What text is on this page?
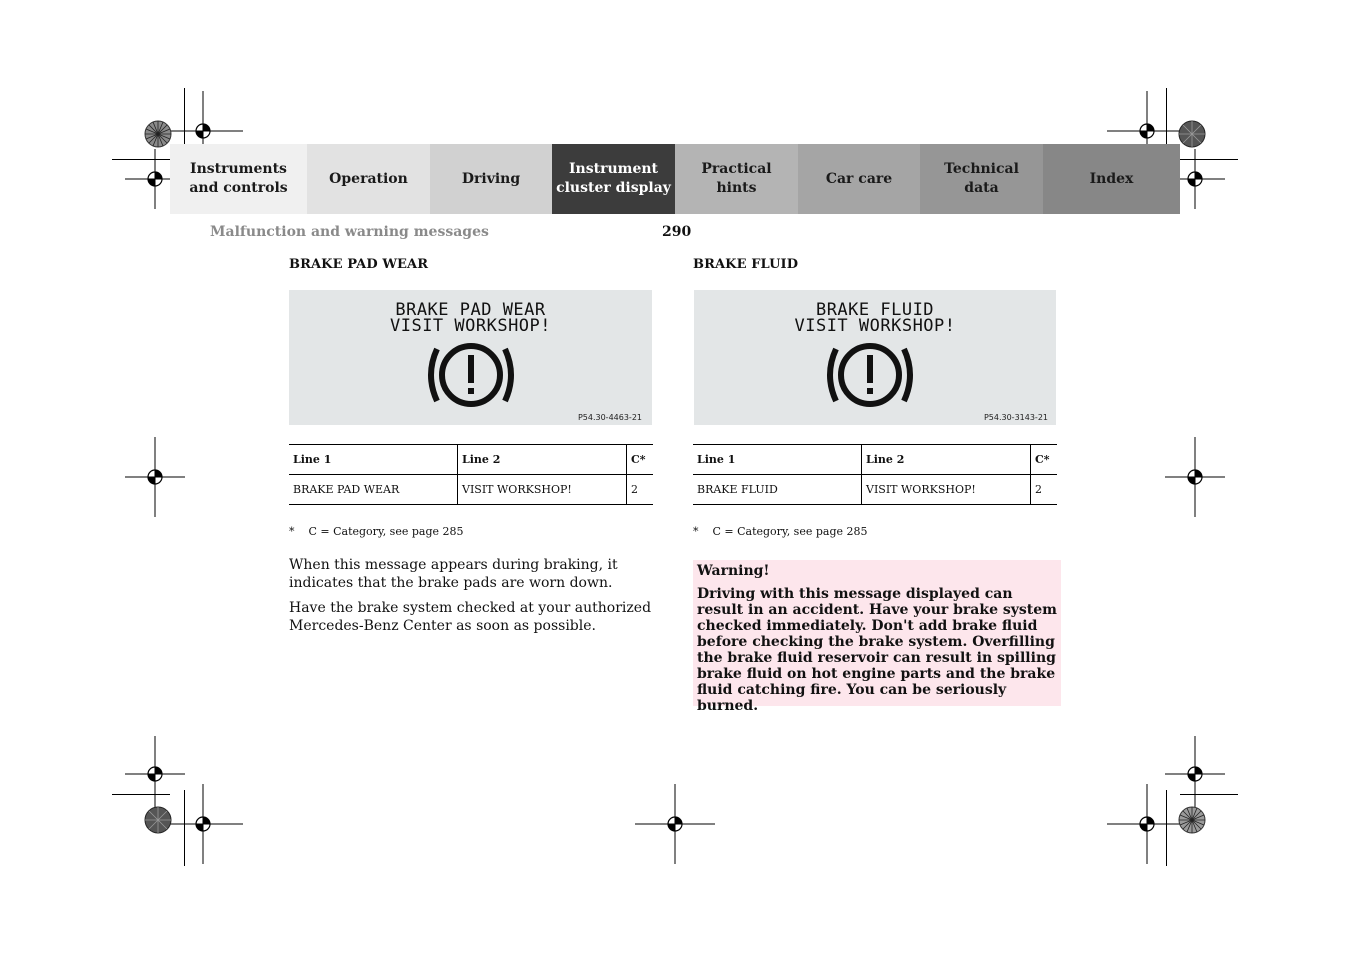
Instruments
and controls
Operation	Driving
Instrument
cluster display
Practical hints
Car care
Technical
data
Index
Malfunction and warning messages	290
BRAKE PAD WEAR
BRAKE PAD WEAR
VISIT WORKSHOP!
P54.30-4463-21
Line 1	Line 2	C*
BRAKE PAD WEAR	VISIT WORKSHOP!	2
*    C = Category, see page 285

When this message appears during braking, it indicates that the brake pads are worn down.

Have the brake system checked at your authorized Mercedes-Benz Center as soon as possible.

BRAKE FLUID
BRAKE FLUID
VISIT WORKSHOP!
P54.30-3143-21
Line 1	Line 2	C*
BRAKE FLUID	VISIT WORKSHOP!	2
*    C = Category, see page 285
Warning!
Driving with this message displayed can result in an accident. Have your brake system checked immediately. Don't add brake fluid before checking the brake system. Overfilling the brake fluid reservoir can result in spilling brake fluid on hot engine parts and the brake fluid catching fire. You can be seriously burned.
